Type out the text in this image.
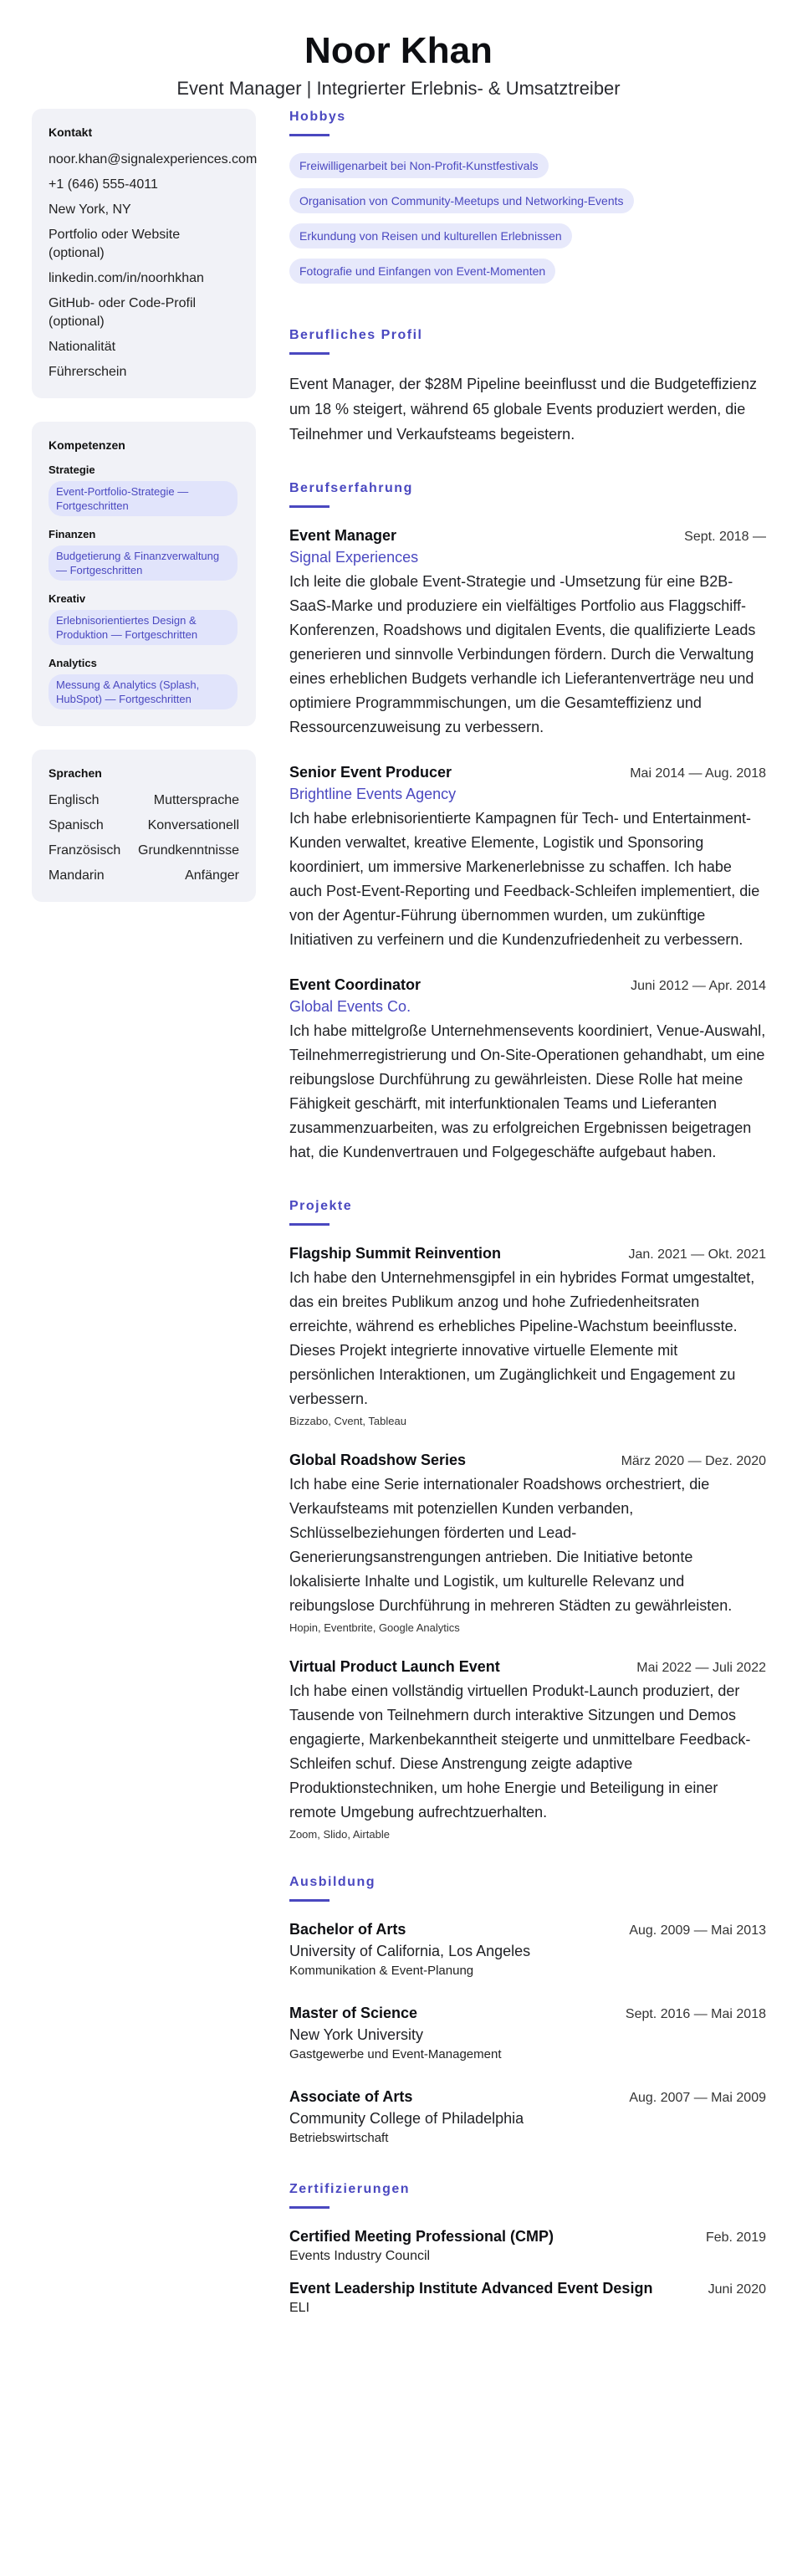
Noor Khan
Event Manager | Integrierter Erlebnis- & Umsatztreiber
Kontakt
noor.khan@signalexperiences.com
+1 (646) 555-4011
New York, NY
Portfolio oder Website (optional)
linkedin.com/in/noorhkhan
GitHub- oder Code-Profil (optional)
Nationalität
Führerschein
Kompetenzen
Strategie
Event-Portfolio-Strategie — Fortgeschritten
Finanzen
Budgetierung & Finanzverwaltung — Fortgeschritten
Kreativ
Erlebnisorientiertes Design & Produktion — Fortgeschritten
Analytics
Messung & Analytics (Splash, HubSpot) — Fortgeschritten
Sprachen
Englisch	Muttersprache
Spanisch	Konversationell
Französisch Grundkenntnisse
Mandarin	Anfänger
Hobbys
Freiwilligenarbeit bei Non-Profit-Kunstfestivals
Organisation von Community-Meetups und Networking-Events
Erkundung von Reisen und kulturellen Erlebnissen
Fotografie und Einfangen von Event-Momenten
Berufliches Profil
Event Manager, der $28M Pipeline beeinflusst und die Budgeteffizienz um 18 % steigert, während 65 globale Events produziert werden, die Teilnehmer und Verkaufsteams begeistern.
Berufserfahrung
Event Manager	Sept. 2018 —
Signal Experiences
Ich leite die globale Event-Strategie und -Umsetzung für eine B2B-SaaS-Marke und produziere ein vielfältiges Portfolio aus Flaggschiff-Konferenzen, Roadshows und digitalen Events, die qualifizierte Leads generieren und sinnvolle Verbindungen fördern. Durch die Verwaltung eines erheblichen Budgets verhandle ich Lieferantenverträge neu und optimiere Programmmischungen, um die Gesamteffizienz und Ressourcenzuweisung zu verbessern.
Senior Event Producer	Mai 2014 — Aug. 2018
Brightline Events Agency
Ich habe erlebnisorientierte Kampagnen für Tech- und Entertainment-Kunden verwaltet, kreative Elemente, Logistik und Sponsoring koordiniert, um immersive Markenerlebnisse zu schaffen. Ich habe auch Post-Event-Reporting und Feedback-Schleifen implementiert, die von der Agentur-Führung übernommen wurden, um zukünftige Initiativen zu verfeinern und die Kundenzufriedenheit zu verbessern.
Event Coordinator	Juni 2012 — Apr. 2014
Global Events Co.
Ich habe mittelgroße Unternehmensevents koordiniert, Venue-Auswahl, Teilnehmerregistrierung und On-Site-Operationen gehandhabt, um eine reibungslose Durchführung zu gewährleisten. Diese Rolle hat meine Fähigkeit geschärft, mit interfunktionalen Teams und Lieferanten zusammenzuarbeiten, was zu erfolgreichen Ergebnissen beigetragen hat, die Kundenvertrauen und Folgegeschäfte aufgebaut haben.
Projekte
Flagship Summit Reinvention	Jan. 2021 — Okt. 2021
Ich habe den Unternehmensgipfel in ein hybrides Format umgestaltet, das ein breites Publikum anzog und hohe Zufriedenheitsraten erreichte, während es erhebliches Pipeline-Wachstum beeinflusste. Dieses Projekt integrierte innovative virtuelle Elemente mit persönlichen Interaktionen, um Zugänglichkeit und Engagement zu verbessern.
Bizzabo, Cvent, Tableau
Global Roadshow Series	März 2020 — Dez. 2020
Ich habe eine Serie internationaler Roadshows orchestriert, die Verkaufsteams mit potenziellen Kunden verbanden, Schlüsselbeziehungen förderten und Lead-Generierungsanstrengungen antrieben. Die Initiative betonte lokalisierte Inhalte und Logistik, um kulturelle Relevanz und reibungslose Durchführung in mehreren Städten zu gewährleisten.
Hopin, Eventbrite, Google Analytics
Virtual Product Launch Event	Mai 2022 — Juli 2022
Ich habe einen vollständig virtuellen Produkt-Launch produziert, der Tausende von Teilnehmern durch interaktive Sitzungen und Demos engagierte, Markenbekanntheit steigerte und unmittelbare Feedback-Schleifen schuf. Diese Anstrengung zeigte adaptive Produktionstechniken, um hohe Energie und Beteiligung in einer remote Umgebung aufrechtzuerhalten.
Zoom, Slido, Airtable
Ausbildung
Bachelor of Arts	Aug. 2009 — Mai 2013
University of California, Los Angeles
Kommunikation & Event-Planung
Master of Science	Sept. 2016 — Mai 2018
New York University
Gastgewerbe und Event-Management
Associate of Arts	Aug. 2007 — Mai 2009
Community College of Philadelphia
Betriebswirtschaft
Zertifizierungen
Certified Meeting Professional (CMP)	Feb. 2019
Events Industry Council
Event Leadership Institute Advanced Event Design	Juni 2020
ELI
